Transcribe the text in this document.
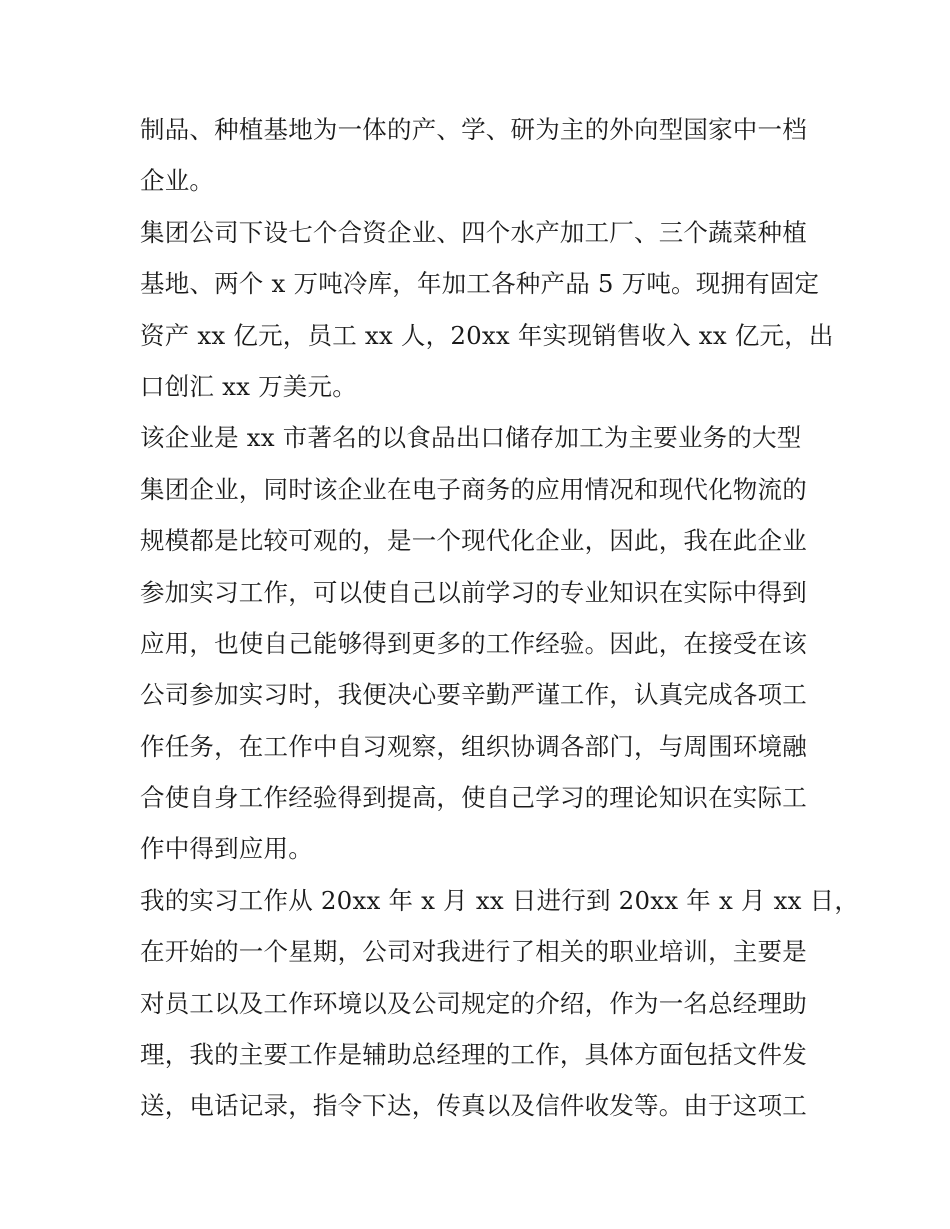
制品、种植基地为一体的产、学、研为主的外向型国家中一档
企业。
集团公司下设七个合资企业、四个水产加工厂、三个蔬菜种植
基地、两个 x 万吨冷库，年加工各种产品 5 万吨。现拥有固定
资产 xx 亿元，员工 xx 人，20xx 年实现销售收入 xx 亿元，出
口创汇 xx 万美元。
该企业是 xx 市著名的以食品出口储存加工为主要业务的大型
集团企业，同时该企业在电子商务的应用情况和现代化物流的
规模都是比较可观的，是一个现代化企业，因此，我在此企业
参加实习工作，可以使自己以前学习的专业知识在实际中得到
应用，也使自己能够得到更多的工作经验。因此，在接受在该
公司参加实习时，我便决心要辛勤严谨工作，认真完成各项工
作任务，在工作中自习观察，组织协调各部门，与周围环境融
合使自身工作经验得到提高，使自己学习的理论知识在实际工
作中得到应用。
我的实习工作从 20xx 年 x 月 xx 日进行到 20xx 年 x 月 xx 日，
在开始的一个星期，公司对我进行了相关的职业培训，主要是
对员工以及工作环境以及公司规定的介绍，作为一名总经理助
理，我的主要工作是辅助总经理的工作，具体方面包括文件发
送，电话记录，指令下达，传真以及信件收发等。由于这项工
